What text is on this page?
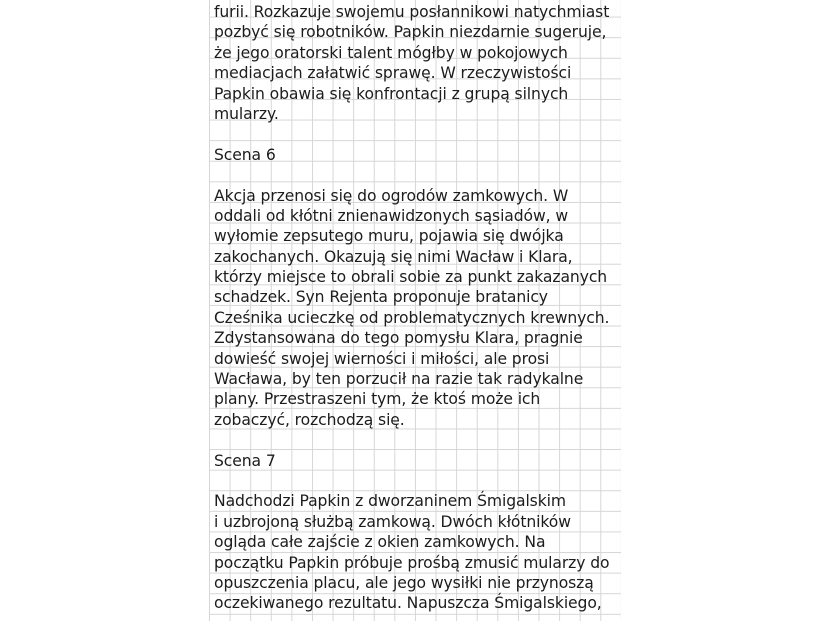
furii. Rozkazuje swojemu posłannikowi natychmiast
pozbyć się robotników. Papkin niezdarnie sugeruje,
że jego oratorski talent mógłby w pokojowych
mediacjach załatwić sprawę. W rzeczywistości
Papkin obawia się konfrontacji z grupą silnych
mularzy.
Scena 6
Akcja przenosi się do ogrodów zamkowych. W
oddali od kłótni znienawidzonych sąsiadów, w
wyłomie zepsutego muru, pojawia się dwójka
zakochanych. Okazują się nimi Wacław i Klara,
którzy miejsce to obrali sobie za punkt zakazanych
schadzek. Syn Rejenta proponuje bratanicy
Cześnika ucieczkę od problematycznych krewnych.
Zdystansowana do tego pomysłu Klara, pragnie
dowieść swojej wierności i miłości, ale prosi
Wacława, by ten porzucił na razie tak radykalne
plany. Przestraszeni tym, że ktoś może ich
zobaczyć, rozchodzą się.
Scena 7
Nadchodzi Papkin z dworzaninem Śmigalskim
i uzbrojoną służbą zamkową. Dwóch kłótników
ogląda całe zajście z okien zamkowych. Na
początku Papkin próbuje prośbą zmusić mularzy do
opuszczenia placu, ale jego wysiłki nie przynoszą
oczekiwanego rezultatu. Napuszcza Śmigalskiego,
